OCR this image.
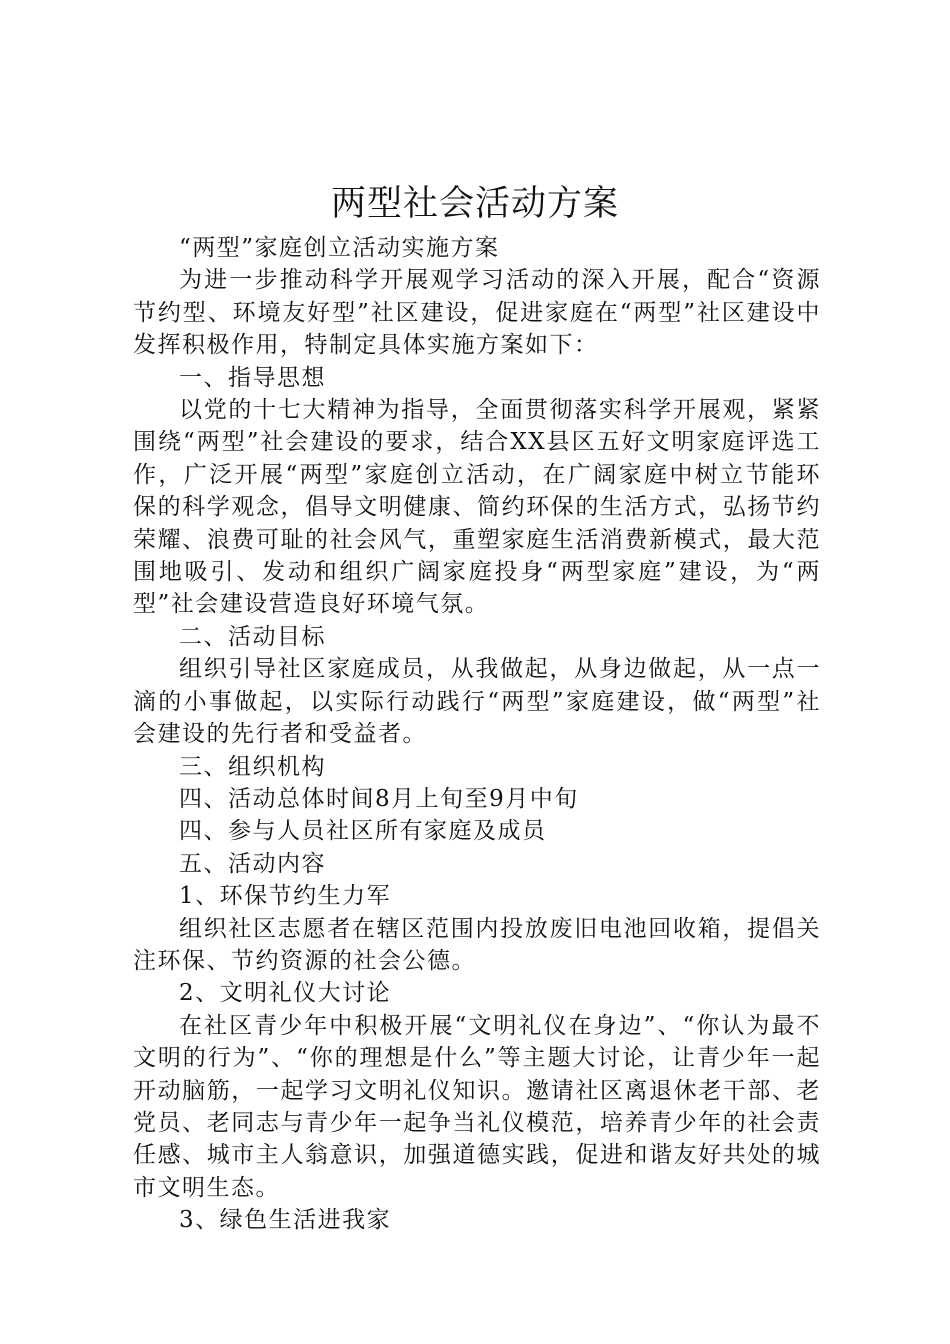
两型社会活动方案

“两型”家庭创立活动实施方案

为进一步推动科学开展观学习活动的深入开展，配合“资源节约型、环境友好型”社区建设，促进家庭在“两型”社区建设中发挥积极作用，特制定具体实施方案如下：

一、指导思想

以党的十七大精神为指导，全面贯彻落实科学开展观，紧紧围绕“两型”社会建设的要求，结合XX县区五好文明家庭评选工作，广泛开展“两型”家庭创立活动，在广阔家庭中树立节能环保的科学观念，倡导文明健康、简约环保的生活方式，弘扬节约荣耀、浪费可耻的社会风气，重塑家庭生活消费新模式，最大范围地吸引、发动和组织广阔家庭投身“两型家庭”建设，为“两型”社会建设营造良好环境气氛。

二、活动目标

组织引导社区家庭成员，从我做起，从身边做起，从一点一滴的小事做起，以实际行动践行“两型”家庭建设，做“两型”社会建设的先行者和受益者。

三、组织机构

四、活动总体时间8月上旬至9月中旬

四、参与人员社区所有家庭及成员

五、活动内容

1、环保节约生力军

组织社区志愿者在辖区范围内投放废旧电池回收箱，提倡关注环保、节约资源的社会公德。

2、文明礼仪大讨论

在社区青少年中积极开展“文明礼仪在身边”、“你认为最不文明的行为”、“你的理想是什么”等主题大讨论，让青少年一起开动脑筋，一起学习文明礼仪知识。邀请社区离退休老干部、老党员、老同志与青少年一起争当礼仪模范，培养青少年的社会责任感、城市主人翁意识，加强道德实践，促进和谐友好共处的城市文明生态。

3、绿色生活进我家
